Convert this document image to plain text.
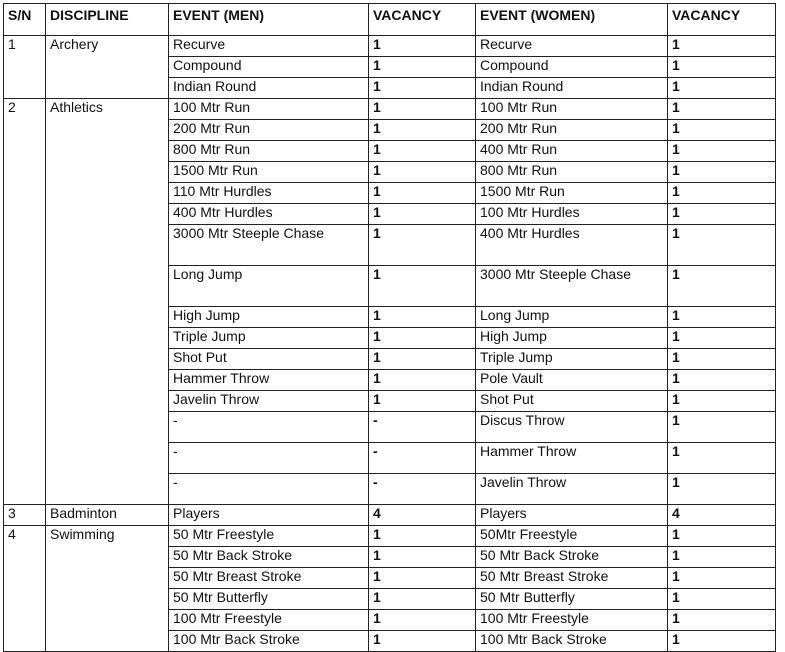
S/N	DISCIPLINE	EVENT (MEN)	VACANCY	EVENT (WOMEN)	VACANCY
1	Archery	Recurve	1	Recurve	1
		Compound	1	Compound	1
		Indian Round	1	Indian Round	1
2	Athletics	100 Mtr Run	1	100 Mtr Run	1
		200 Mtr Run	1	200 Mtr Run	1
		800 Mtr Run	1	400 Mtr Run	1
		1500 Mtr Run	1	800 Mtr Run	1
		110 Mtr Hurdles	1	1500 Mtr Run	1
		400 Mtr Hurdles	1	100 Mtr Hurdles	1
		3000 Mtr Steeple Chase	1	400 Mtr Hurdles	1
		Long Jump	1	3000 Mtr Steeple Chase	1
		High Jump	1	Long Jump	1
		Triple Jump	1	High Jump	1
		Shot Put	1	Triple Jump	1
		Hammer Throw	1	Pole Vault	1
		Javelin Throw	1	Shot Put	1
		-	-	Discus Throw	1
		-	-	Hammer Throw	1
		-	-	Javelin Throw	1
3	Badminton	Players	4	Players	4
4	Swimming	50 Mtr Freestyle	1	50Mtr Freestyle	1
		50 Mtr Back Stroke	1	50 Mtr Back Stroke	1
		50 Mtr Breast Stroke	1	50 Mtr Breast Stroke	1
		50 Mtr Butterfly	1	50 Mtr Butterfly	1
		100 Mtr Freestyle	1	100 Mtr Freestyle	1
		100 Mtr Back Stroke	1	100 Mtr Back Stroke	1
